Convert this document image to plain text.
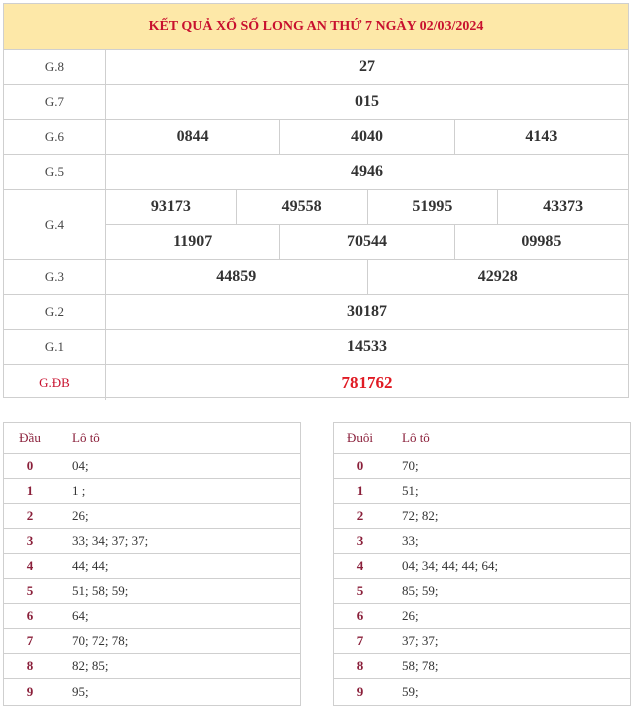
KẾT QUẢ XỔ SỐ LONG AN THỨ 7 NGÀY 02/03/2024
G.8	27
G.7	015
G.6	0844	4040	4143
G.5	4946
G.4
93173	49558	51995	43373
11907	70544	09985
G.3	44859	42928
G.2	30187
G.1	14533
G.ĐB	781762
Đầu	Lô tô
0	04;
1	1 ;
2	26;
3	33; 34; 37; 37;
4	44; 44;
5	51; 58; 59;
6	64;
7	70; 72; 78;
8	82; 85;
9	95;
Đuôi	Lô tô
0	70;
1	51;
2	72; 82;
3	33;
4	04; 34; 44; 44; 64;
5	85; 59;
6	26;
7	37; 37;
8	58; 78;
9	59;
